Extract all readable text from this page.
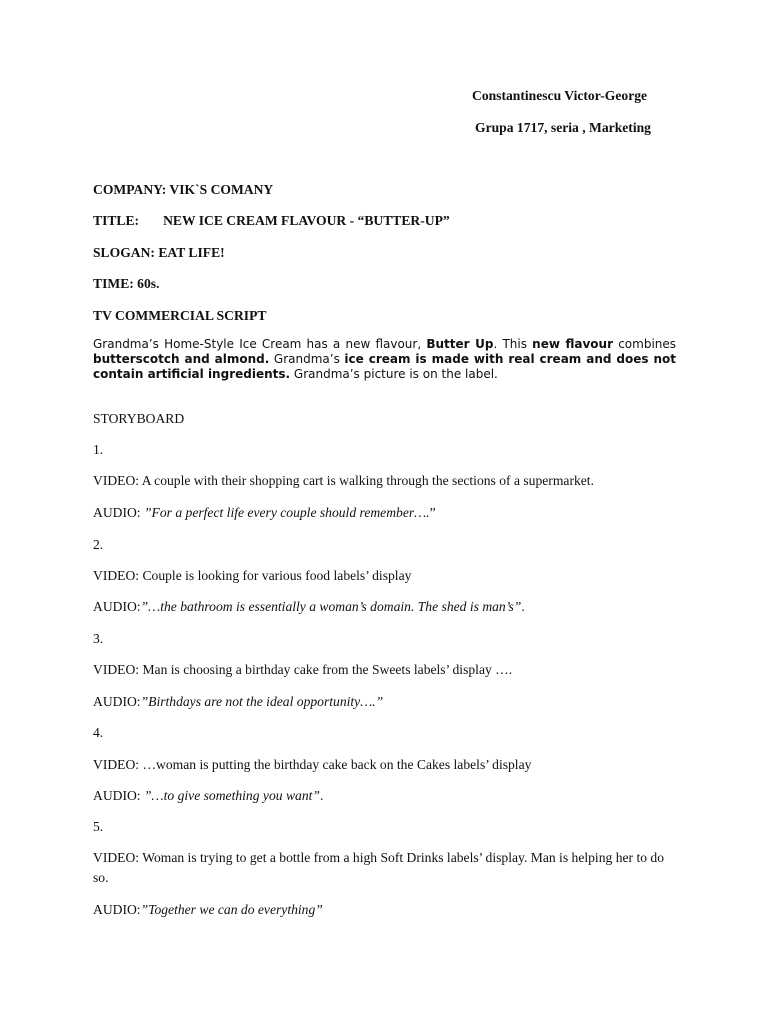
Constantinescu Victor-George
Grupa 1717, seria , Marketing
COMPANY: VIK`S COMANY
TITLE: NEW ICE CREAM FLAVOUR - “BUTTER-UP”
SLOGAN: EAT LIFE!
TIME: 60s.
TV COMMERCIAL SCRIPT
Grandma’s Home-Style Ice Cream has a new flavour, Butter Up. This new flavour combines butterscotch and almond. Grandma’s ice cream is made with real cream and does not contain artificial ingredients. Grandma’s picture is on the label.
STORYBOARD
1.
VIDEO: A couple with their shopping cart is walking through the sections of a supermarket.
AUDIO: ”For a perfect life every couple should remember….”
2.
VIDEO: Couple is looking for various food labels’ display
AUDIO:”…the bathroom is essentially a woman’s domain. The shed is man’s”.
3.
VIDEO: Man is choosing a birthday cake from the Sweets labels’ display ….
AUDIO:”Birthdays are not the ideal opportunity….”
4.
VIDEO: …woman is putting the birthday cake back on the Cakes labels’ display
AUDIO: ”…to give something you want”.
5.
VIDEO: Woman is trying to get a bottle from a high Soft Drinks labels’ display. Man is helping her to do so.
AUDIO:”Together we can do everything”
